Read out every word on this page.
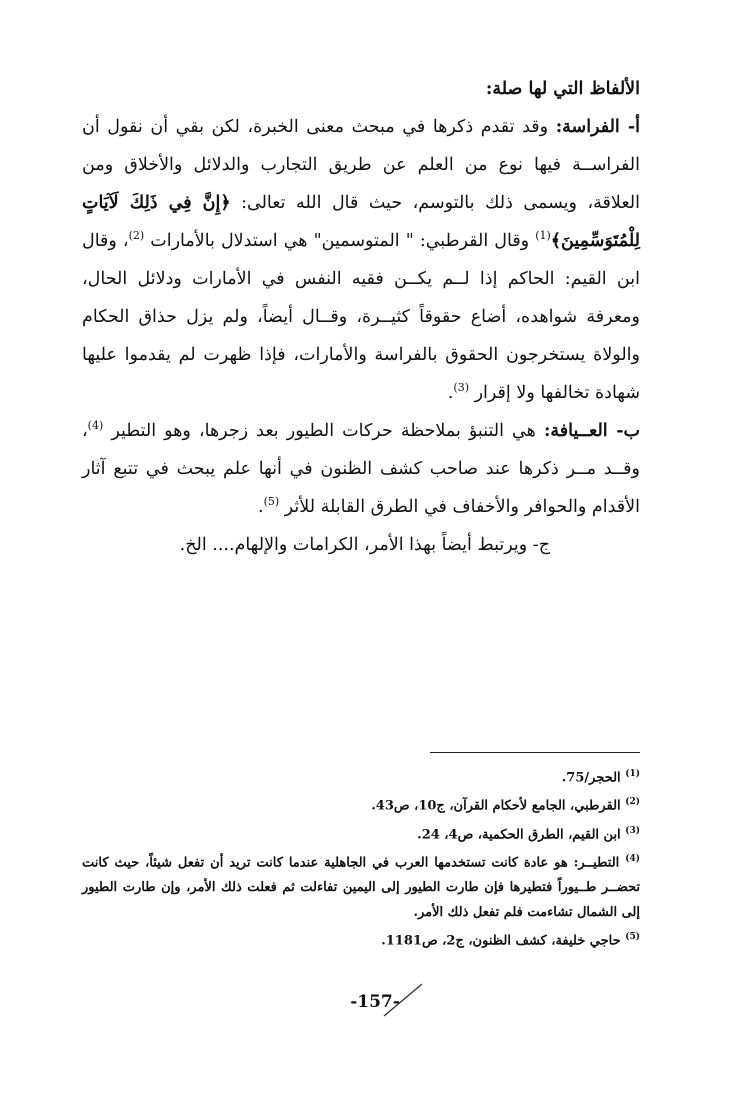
الألفاظ التي لها صلة:

أ- الفراسة: وقد تقدم ذكرها في مبحث معنى الخبرة، لكن بقي أن نقول أن الفراســة فيها نوع من العلم عن طريق التجارب والدلائل والأخلاق ومن العلاقة، ويسمى ذلك بالتوسم، حيث قال الله تعالى: ﴿إِنَّ فِي ذَلِكَ لَآيَاتٍ لِلْمُتَوَسِّمِينَ﴾$^{(1)}$ وقال القرطبي: " المتوسمين" هي استدلال بالأمارات $^{(2)}$، وقال ابن القيم: الحاكم إذا لــم يكــن فقيه النفس في الأمارات ودلائل الحال، ومعرفة شواهده، أضاع حقوقاً كثيــرة، وقــال أيضاً، ولم يزل حذاق الحكام والولاة يستخرجون الحقوق بالفراسة والأمارات، فإذا ظهرت لم يقدموا عليها شهادة تخالفها ولا إقرار $^{(3)}$.

ب- العــيافة: هي التنبؤ بملاحظة حركات الطيور بعد زجرها، وهو التطير $^{(4)}$، وقــد مــر ذكرها عند صاحب كشف الظنون في أنها علم يبحث في تتبع آثار الأقدام والحوافر والأخفاف في الطرق القابلة للأثر $^{(5)}$.

ج- ويرتبط أيضاً بهذا الأمر، الكرامات والإلهام.... الخ.

$^{(1)}$ الحجر/75.

$^{(2)}$ القرطبي، الجامع لأحكام القرآن، ج10، ص43.

$^{(3)}$ ابن القيم، الطرق الحكمية، ص4، 24.

$^{(4)}$ التطيــر: هو عادة كانت تستخدمها العرب في الجاهلية عندما كانت تريد أن تفعل شيئاً، حيث كانت تحضــر طــيوراً فتطيرها فإن طارت الطيور إلى اليمين تفاءلت ثم فعلت ذلك الأمر، وإن طارت الطيور إلى الشمال تشاءمت فلم تفعل ذلك الأمر.

$^{(5)}$ حاجي خليفة، كشف الظنون، ج2، ص1181.

-157-
